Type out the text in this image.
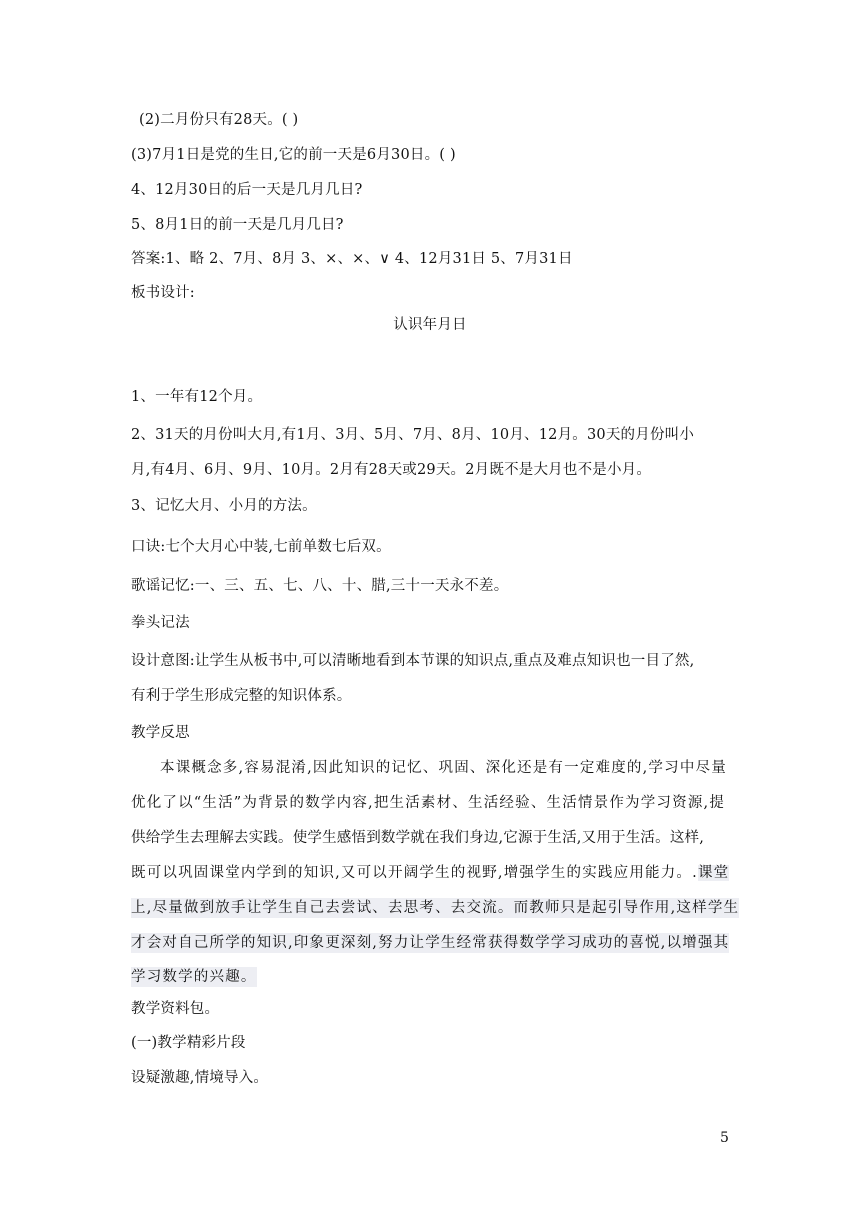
(2)二月份只有28天。( )
(3)7月1日是党的生日,它的前一天是6月30日。( )
4、12月30日的后一天是几月几日?
5、8月1日的前一天是几月几日?
答案:1、略 2、7月、8月 3、×、×、∨ 4、12月31日 5、7月31日
板书设计:
认识年月日
1、一年有12个月。
2、31天的月份叫大月,有1月、3月、5月、7月、8月、10月、12月。30天的月份叫小
月,有4月、6月、9月、10月。2月有28天或29天。2月既不是大月也不是小月。
3、记忆大月、小月的方法。
口诀:七个大月心中装,七前单数七后双。
歌谣记忆:一、三、五、七、八、十、腊,三十一天永不差。
拳头记法
设计意图:让学生从板书中,可以清晰地看到本节课的知识点,重点及难点知识也一目了然,
有利于学生形成完整的知识体系。
教学反思
本课概念多,容易混淆,因此知识的记忆、巩固、深化还是有一定难度的,学习中尽量
优化了以“生活”为背景的数学内容,把生活素材、生活经验、生活情景作为学习资源,提
供给学生去理解去实践。使学生感悟到数学就在我们身边,它源于生活,又用于生活。这样,
既可以巩固课堂内学到的知识,又可以开阔学生的视野,增强学生的实践应用能力。.课堂
上,尽量做到放手让学生自己去尝试、去思考、去交流。而教师只是起引导作用,这样学生
才会对自己所学的知识,印象更深刻,努力让学生经常获得数学学习成功的喜悦,以增强其
学习数学的兴趣。
教学资料包。
(一)教学精彩片段
设疑激趣,情境导入。
5
